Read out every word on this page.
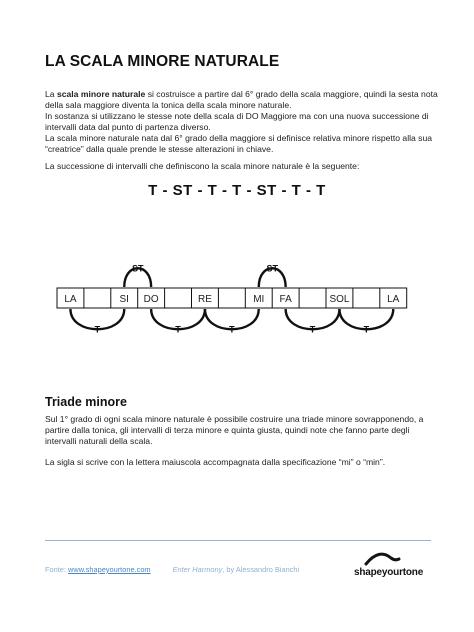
LA SCALA MINORE NATURALE

La scala minore naturale si costruisce a partire dal 6° grado della scala maggiore, quindi la sesta nota della sala maggiore diventa la tonica della scala minore naturale.
In sostanza si utilizzano le stesse note della scala di DO Maggiore ma con una nuova successione di intervalli data dal punto di partenza diverso.
La scala minore naturale nata dal 6° grado della maggiore si definisce relativa minore rispetto alla sua “creatrice” dalla quale prende le stesse alterazioni in chiave.

La successione di intervalli che definiscono la scala minore naturale è la seguente:

T - ST - T - T - ST - T - T
LA	SI DO	RE	MI FA	SOL	LA
ST	ST
T	T	T	T	T
Triade minore

Sul 1° grado di ogni scala minore naturale è possibile costruire una triade minore sovrapponendo, a partire dalla tonica, gli intervalli di terza minore e quinta giusta, quindi note che fanno parte degli intervalli naturali della scala.

La sigla si scrive con la lettera maiuscola accompagnata dalla specificazione “mi” o “min”.

Fonte: www.shapeyourtone.com	Enter Harmony, by Alessandro Bianchi	shapeyourtone
